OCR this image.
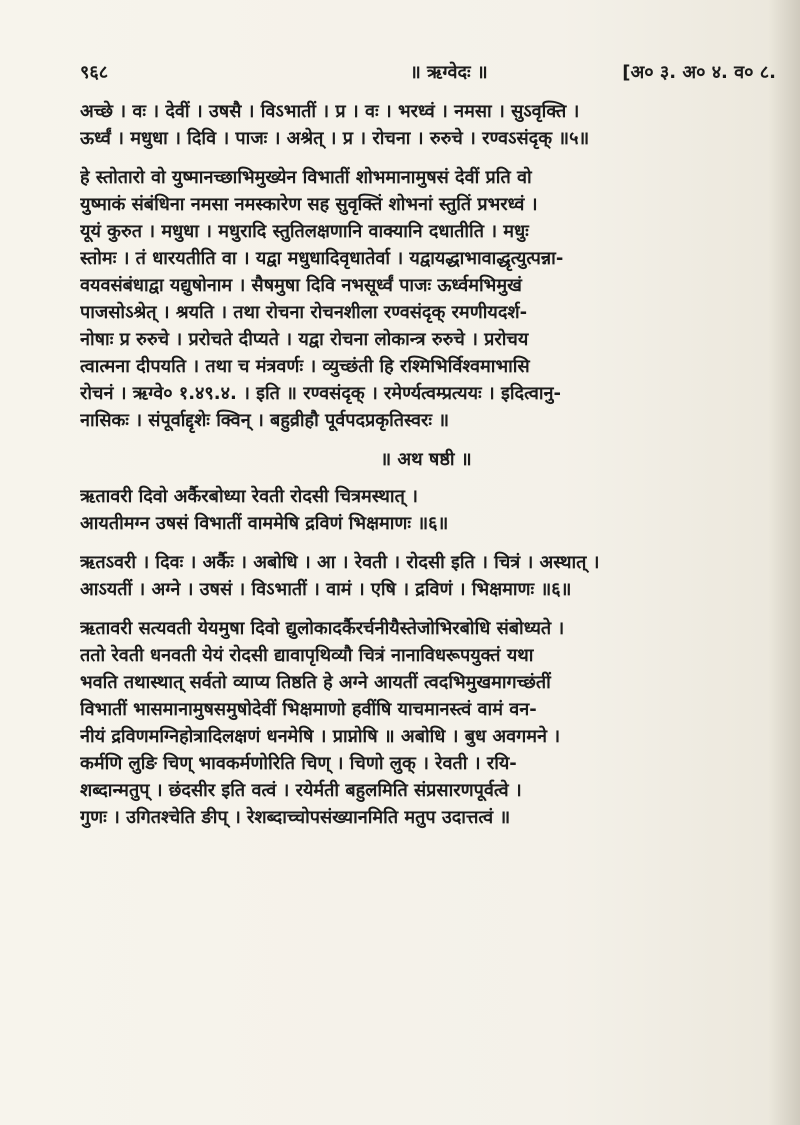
९६८	॥ ऋग्वेदः ॥	[अ० ३. अ० ४. व० ८.
अच्छे । वः । देवीं । उषसै । विऽभातीं । प्र । वः । भरध्वं । नमसा । सुऽवृक्ति ।
ऊर्ध्वं । मधुधा । दिवि । पाजः । अश्रेत् । प्र । रोचना । रुरुचे । रण्वऽसंदृक् ॥५॥
हे स्तोतारो वो युष्मानच्छाभिमुख्येन विभातीं शोभमानामुषसं देवीं प्रति वो
युष्माकं संबंधिना नमसा नमस्कारेण सह सुवृक्तिं शोभनां स्तुतिं प्रभरध्वं ।
यूयं कुरुत । मधुधा । मधुरादि स्तुतिलक्षणानि वाक्यानि दधातीति । मधुः
स्तोमः । तं धारयतीति वा । यद्वा मधुधादिवृधातेर्वा । यद्वायद्धाभावाद्धृत्युत्पन्ना-
वयवसंबंधाद्वा यद्युषोनाम । सैषमुषा दिवि नभसूर्ध्वं पाजः ऊर्ध्वमभिमुखं
पाजसोऽश्रेत् । श्रयति । तथा रोचना रोचनशीला रण्वसंदृक् रमणीयदर्श-
नोषाः प्र रुरुचे । प्ररोचते दीप्यते । यद्वा रोचना लोकान्त्र रुरुचे । प्ररोचय
त्वात्मना दीपयति । तथा च मंत्रवर्णः । व्युच्छंती हि रश्मिभिर्विश्वमाभासि
रोचनं । ऋग्वे० १.४९.४. । इति ॥ रण्वसंदृक् । रमेर्ण्यत्वम्प्रत्ययः । इदित्वानु-
नासिकः । संपूर्वाद्दृशेः क्विन् । बहुव्रीहौ पूर्वपदप्रकृतिस्वरः ॥
॥ अथ षष्ठी ॥
ऋतावरी दिवो अर्कैरबोध्या रेवती रोदसी चित्रमस्थात् ।
आयतीमग्न उषसं विभातीं वाममेषि द्रविणं भिक्षमाणः ॥६॥
ऋतऽवरी । दिवः । अर्कैः । अबोधि । आ । रेवती । रोदसी इति । चित्रं । अस्थात् ।
आऽयतीं । अग्ने । उषसं । विऽभातीं । वामं । एषि । द्रविणं । भिक्षमाणः ॥६॥
ऋतावरी सत्यवती येयमुषा दिवो द्युलोकादर्कैरर्चनीयैस्तेजोभिरबोधि संबोध्यते ।
ततो रेवती धनवती येयं रोदसी द्यावापृथिव्यौ चित्रं नानाविधरूपयुक्तं यथा
भवति तथास्थात् सर्वतो व्याप्य तिष्ठति हे अग्ने आयतीं त्वदभिमुखमागच्छंतीं
विभातीं भासमानामुषसमुषोदेवीं भिक्षमाणो हवींषि याचमानस्त्वं वामं वन-
नीयं द्रविणमग्निहोत्रादिलक्षणं धनमेषि । प्राप्नोषि ॥ अबोधि । बुध अवगमने ।
कर्मणि लुङि चिण् भावकर्मणोरिति चिण् । चिणो लुक् । रेवती । रयि-
शब्दान्मतुप् । छंदसीर इति वत्वं । रयेर्मती बहुलमिति संप्रसारणपूर्वत्वे ।
गुणः । उगितश्चेति ङीप् । रेशब्दाच्चोपसंख्यानमिति मतुप उदात्तत्वं ॥
